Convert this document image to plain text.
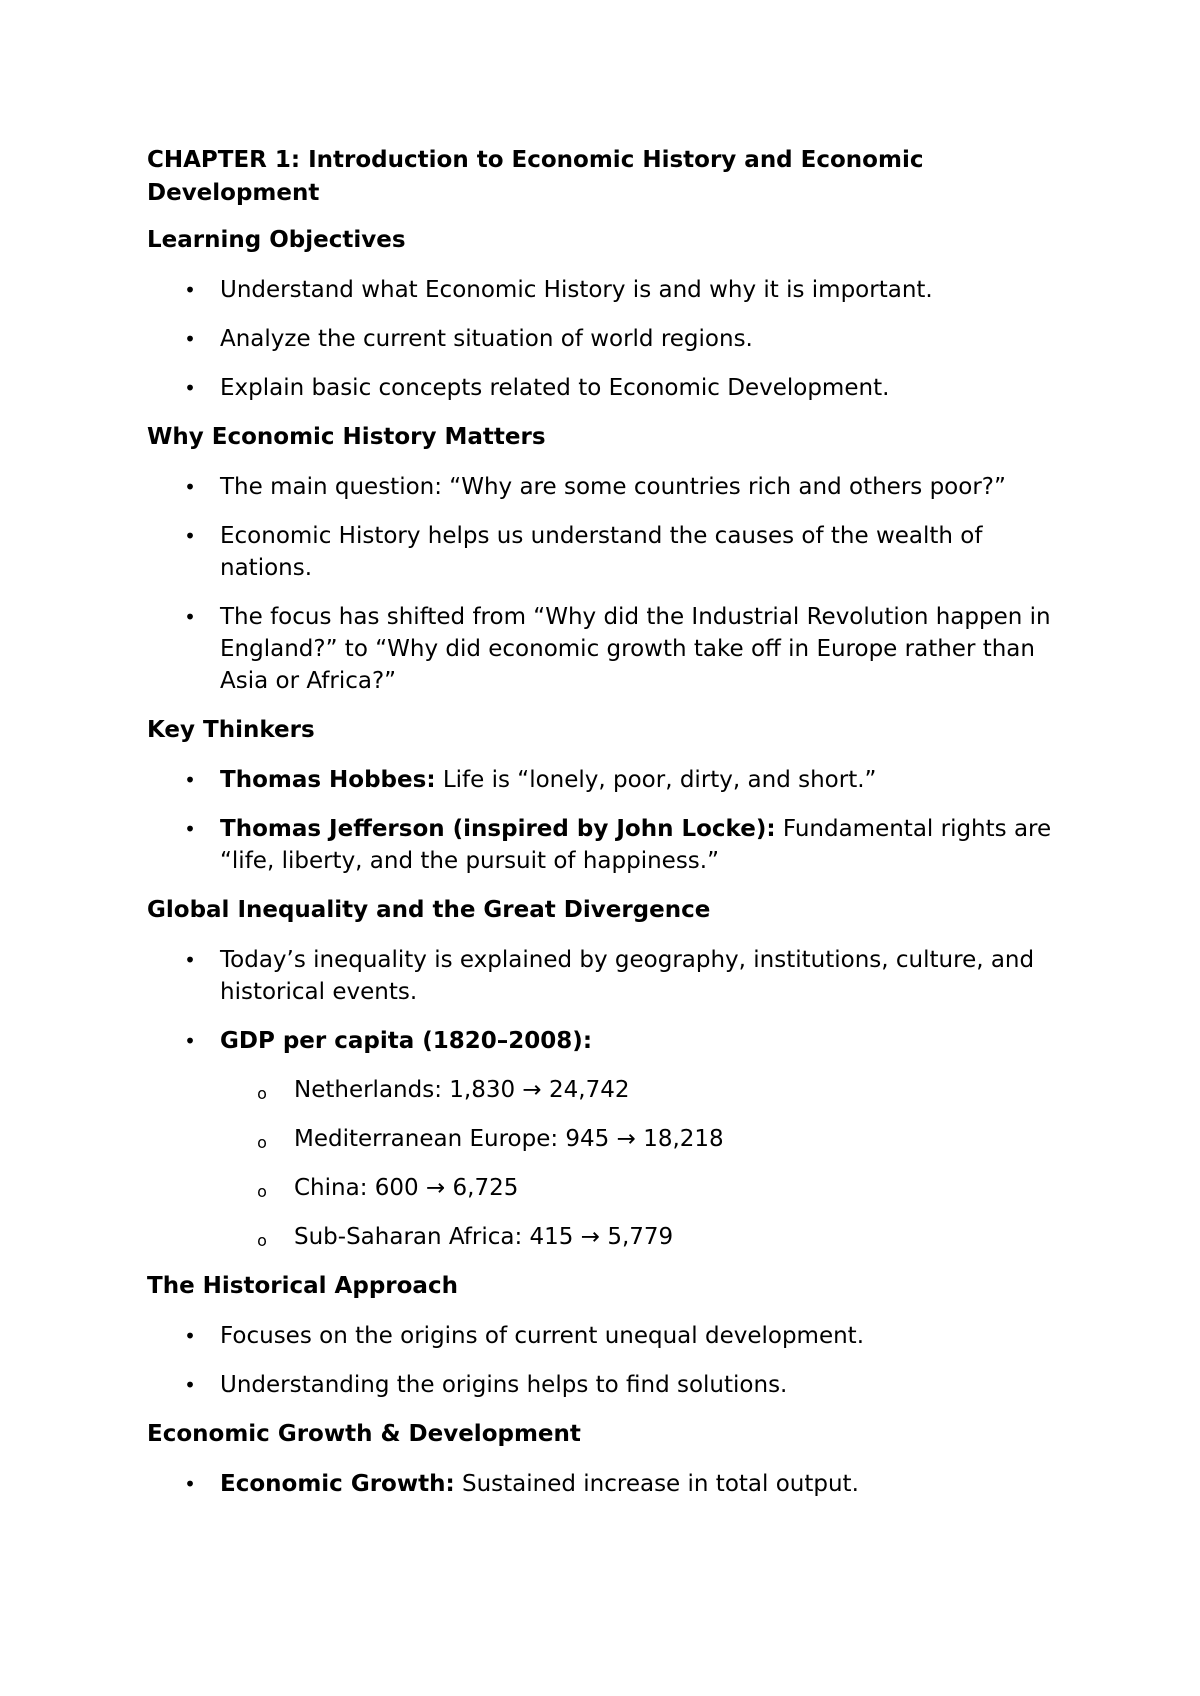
CHAPTER 1: Introduction to Economic History and Economic Development
Learning Objectives
• Understand what Economic History is and why it is important.
• Analyze the current situation of world regions.
• Explain basic concepts related to Economic Development.
Why Economic History Matters
• The main question: “Why are some countries rich and others poor?”
• Economic History helps us understand the causes of the wealth of nations.
• The focus has shifted from “Why did the Industrial Revolution happen in England?” to “Why did economic growth take off in Europe rather than Asia or Africa?”
Key Thinkers
• Thomas Hobbes: Life is “lonely, poor, dirty, and short.”
• Thomas Jefferson (inspired by John Locke): Fundamental rights are “life, liberty, and the pursuit of happiness.”
Global Inequality and the Great Divergence
• Today’s inequality is explained by geography, institutions, culture, and historical events.
• GDP per capita (1820–2008):
o Netherlands: 1,830 → 24,742
o Mediterranean Europe: 945 → 18,218
o China: 600 → 6,725
o Sub-Saharan Africa: 415 → 5,779
The Historical Approach
• Focuses on the origins of current unequal development.
• Understanding the origins helps to find solutions.
Economic Growth & Development
• Economic Growth: Sustained increase in total output.
